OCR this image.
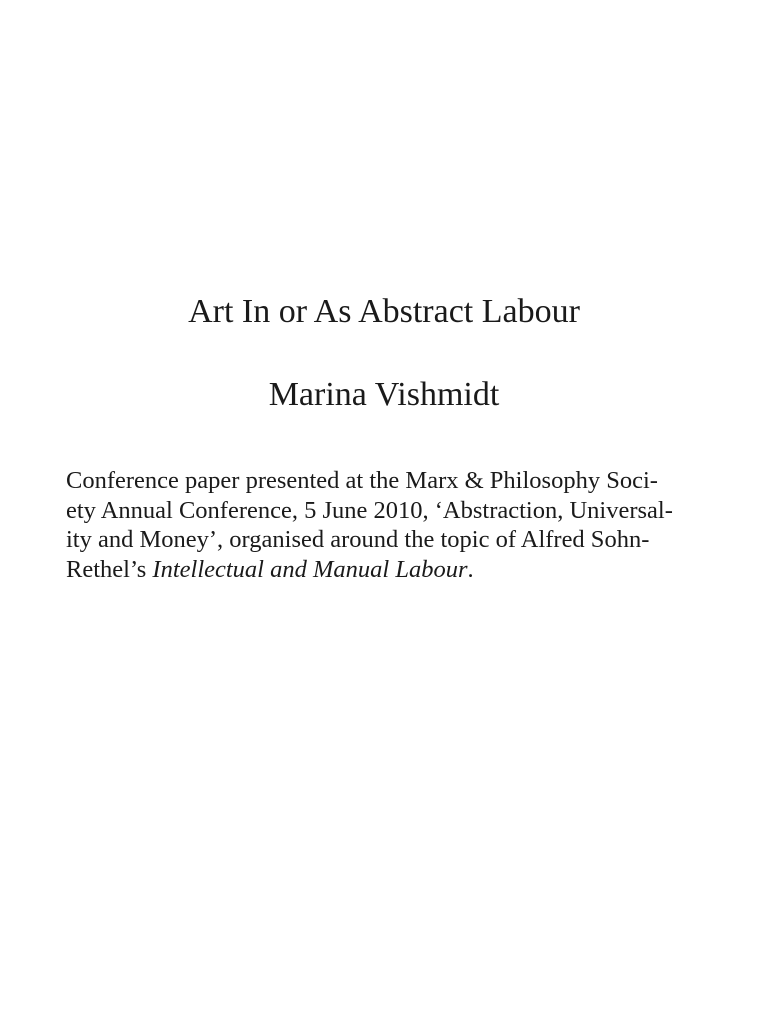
Art In or As Abstract Labour
Marina Vishmidt

Conference paper presented at the Marx & Philosophy Soci-
ety Annual Conference, 5 June 2010, ‘Abstraction, Universal-
ity and Money’, organised around the topic of Alfred Sohn-
Rethel’s Intellectual and Manual Labour.
